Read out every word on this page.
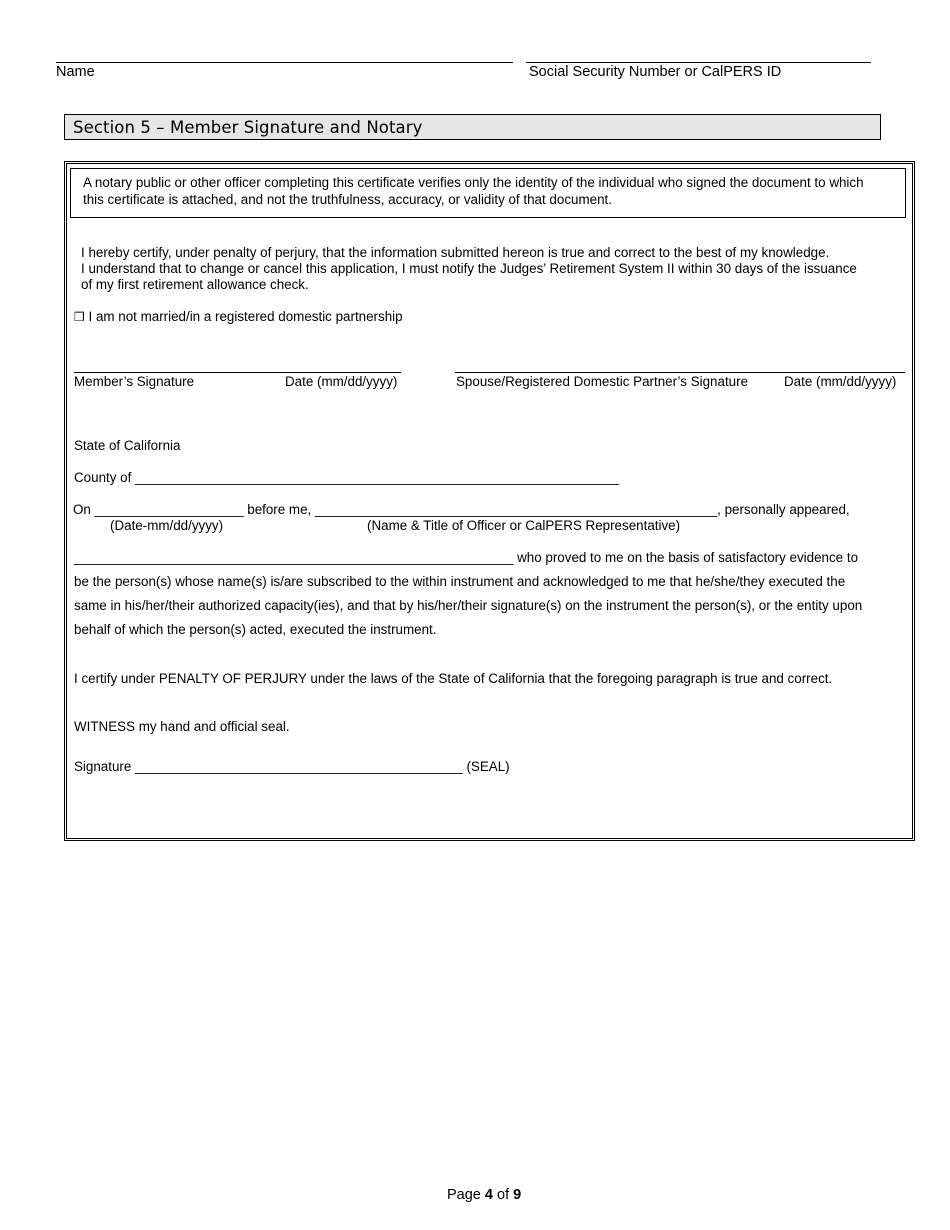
Name	Social Security Number or CalPERS ID
Section 5 – Member Signature and Notary
A notary public or other officer completing this certificate verifies only the identity of the individual who signed the document to which this certificate is attached, and not the truthfulness, accuracy, or validity of that document.
I hereby certify, under penalty of perjury, that the information submitted hereon is true and correct to the best of my knowledge.
I understand that to change or cancel this application, I must notify the Judges’ Retirement System II within 30 days of the issuance
of my first retirement allowance check.
❒ I am not married/in a registered domestic partnership
Member’s Signature	Date (mm/dd/yyyy)	Spouse/Registered Domestic Partner’s Signature	Date (mm/dd/yyyy)
State of California
County of _________________________________________________________________
On ____________________ before me, ______________________________________________________, personally appeared,
(Date-mm/dd/yyyy)	(Name & Title of Officer or CalPERS Representative)
___________________________________________________________ who proved to me on the basis of satisfactory evidence to
be the person(s) whose name(s) is/are subscribed to the within instrument and acknowledged to me that he/she/they executed the
same in his/her/their authorized capacity(ies), and that by his/her/their signature(s) on the instrument the person(s), or the entity upon
behalf of which the person(s) acted, executed the instrument.
I certify under PENALTY OF PERJURY under the laws of the State of California that the foregoing paragraph is true and correct.
WITNESS my hand and official seal.
Signature ____________________________________________ (SEAL)
Page 4 of 9
